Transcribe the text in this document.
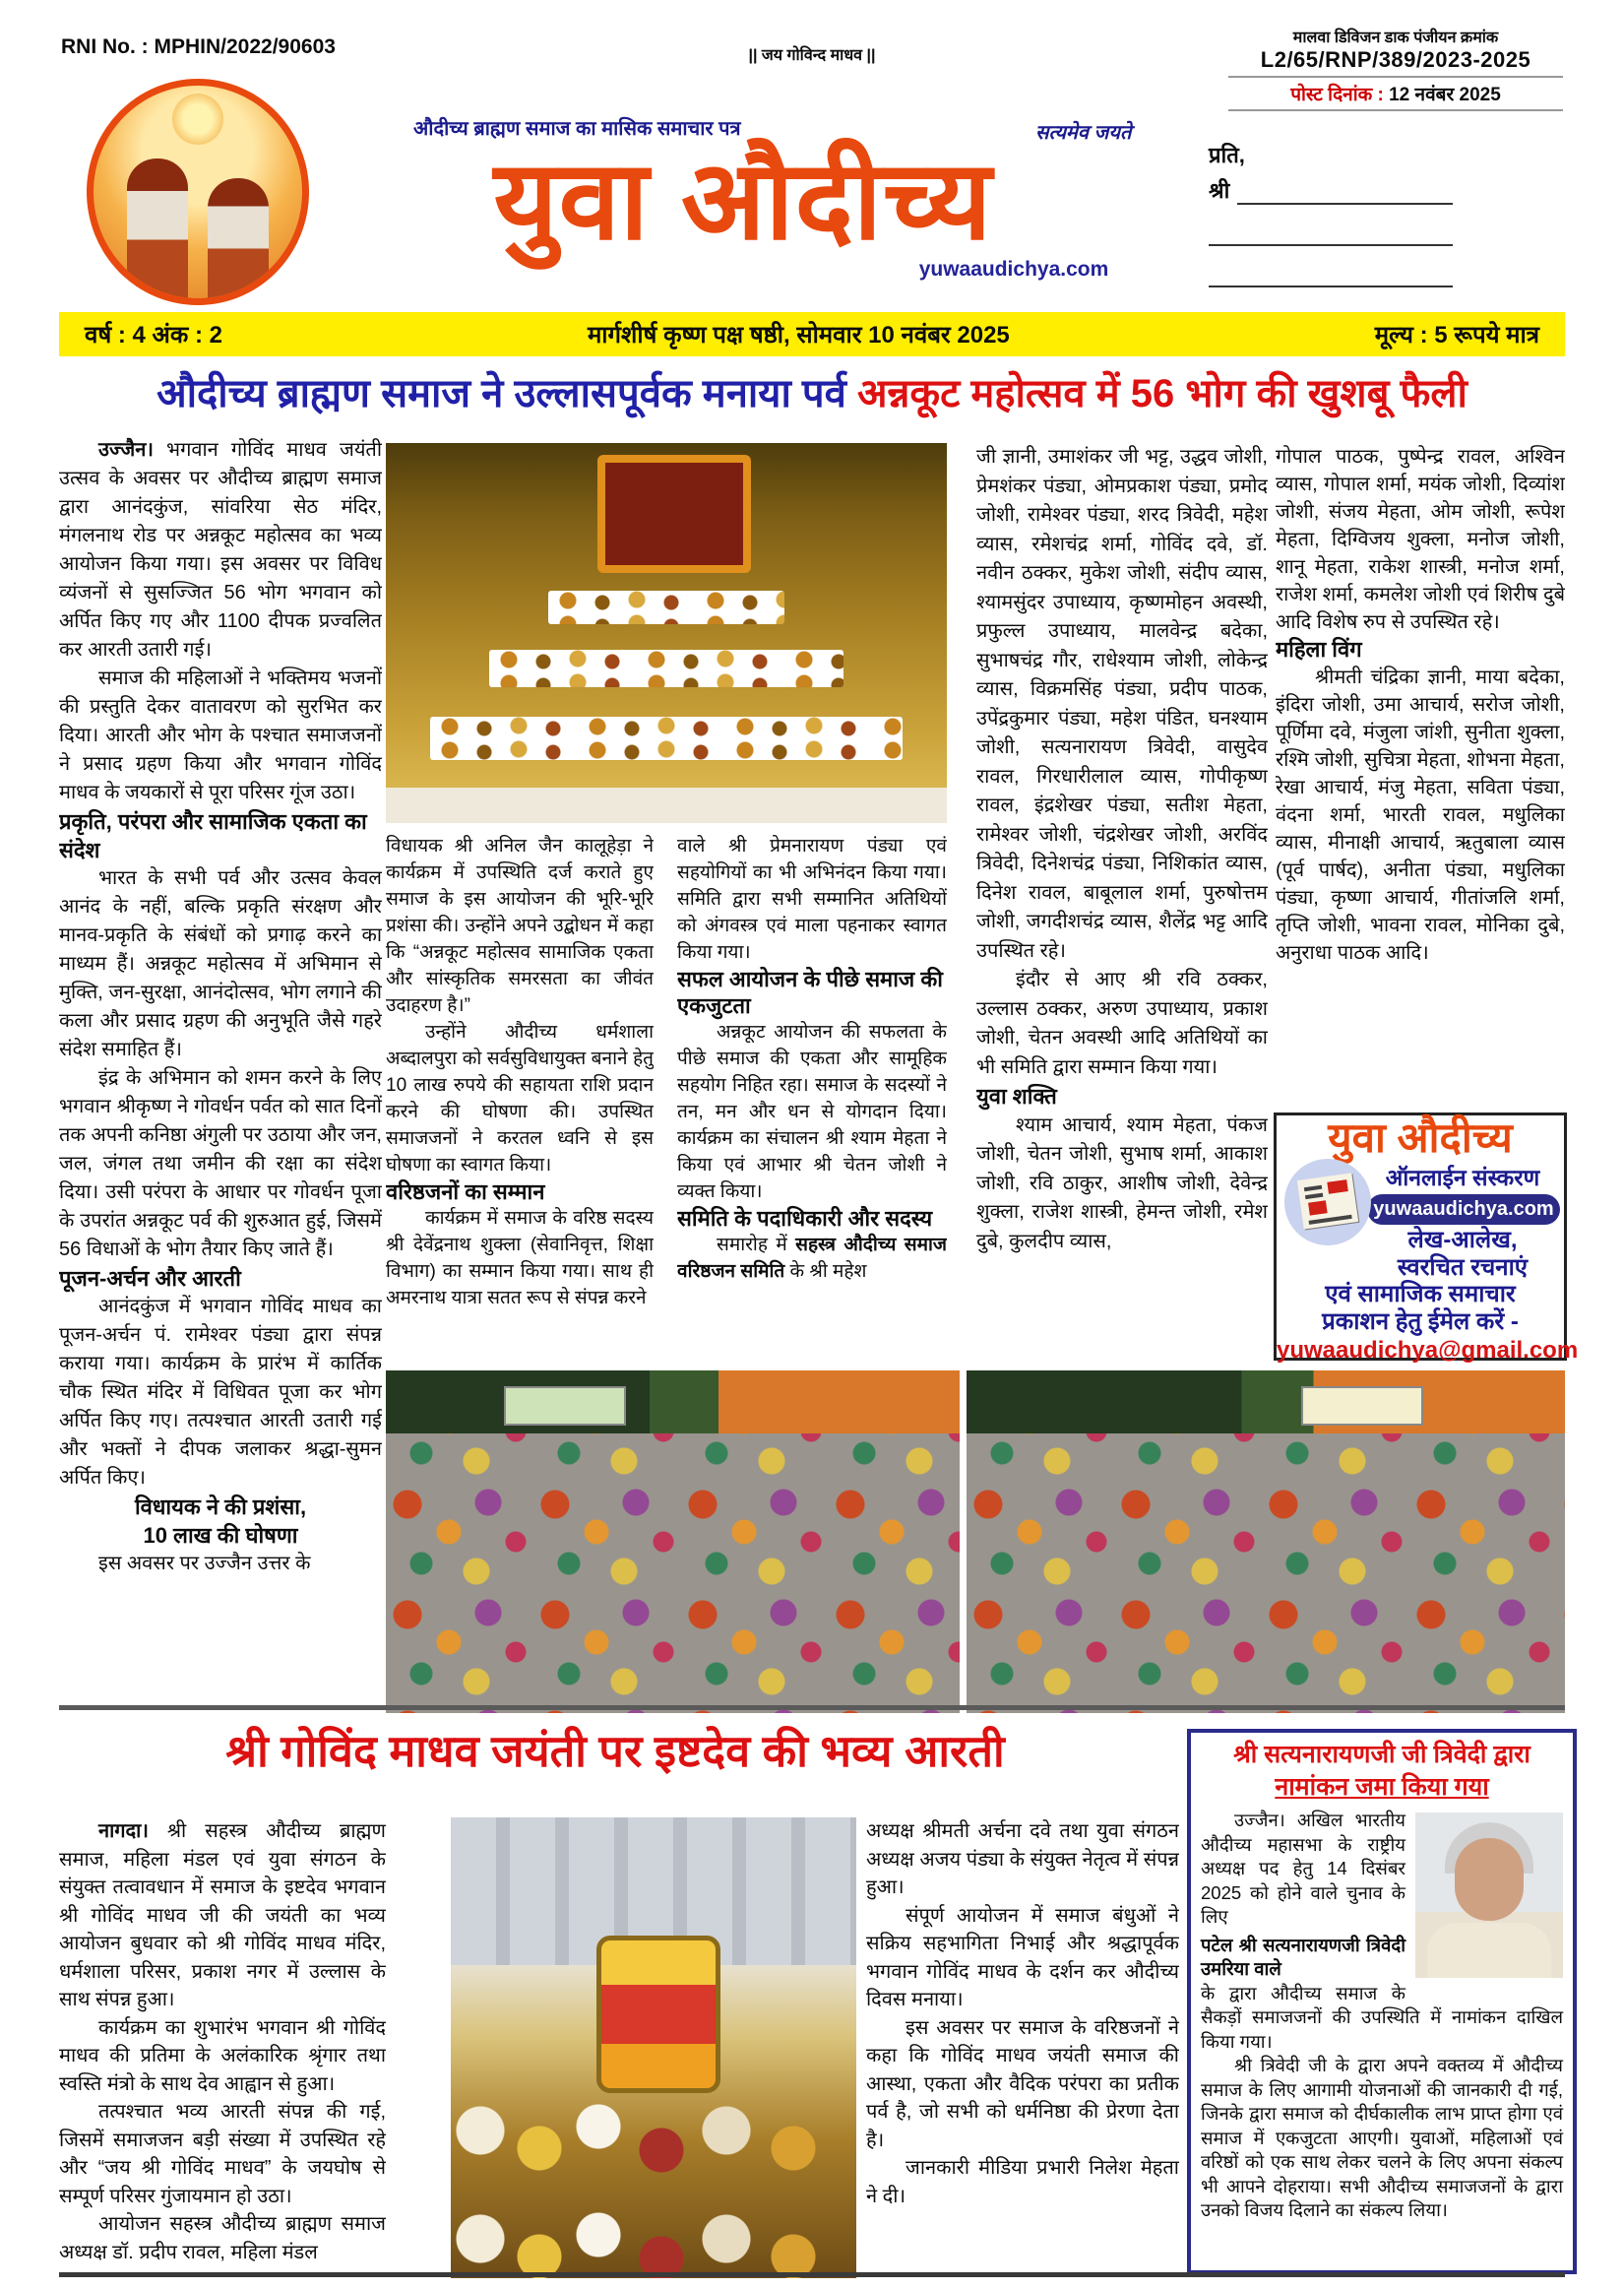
RNI No. : MPHIN/2022/90603	|| जय गोविन्द माधव ||
मालवा डिविजन डाक पंजीयन क्रमांक
L2/65/RNP/389/2023-2025
पोस्ट दिनांक : 12 नवंबर 2025
औदीच्य ब्राह्मण समाज का मासिक समाचार पत्र	सत्यमेव जयते
युवा औदीच्य
yuwaaudichya.com
प्रति,
श्री
वर्ष : 4 अंक : 2	मार्गशीर्ष कृष्ण पक्ष षष्ठी, सोमवार 10 नवंबर 2025	मूल्य : 5 रूपये मात्र
औदीच्य ब्राह्मण समाज ने उल्लासपूर्वक मनाया पर्व अन्नकूट महोत्सव में 56 भोग की खुशबू फैली

उज्जैन। भगवान गोविंद माधव जयंती उत्सव के अवसर पर औदीच्य ब्राह्मण समाज द्वारा आनंदकुंज, सांवरिया सेठ मंदिर, मंगलनाथ रोड पर अन्नकूट महोत्सव का भव्य आयोजन किया गया। इस अवसर पर विविध व्यंजनों से सुसज्जित 56 भोग भगवान को अर्पित किए गए और 1100 दीपक प्रज्वलित कर आरती उतारी गई।

समाज की महिलाओं ने भक्तिमय भजनों की प्रस्तुति देकर वातावरण को सुरभित कर दिया। आरती और भोग के पश्चात समाजजनों ने प्रसाद ग्रहण किया और भगवान गोविंद माधव के जयकारों से पूरा परिसर गूंज उठा।

प्रकृति, परंपरा और सामाजिक एकता का संदेश

भारत के सभी पर्व और उत्सव केवल आनंद के नहीं, बल्कि प्रकृति संरक्षण और मानव-प्रकृति के संबंधों को प्रगाढ़ करने का माध्यम हैं। अन्नकूट महोत्सव में अभिमान से मुक्ति, जन-सुरक्षा, आनंदोत्सव, भोग लगाने की कला और प्रसाद ग्रहण की अनुभूति जैसे गहरे संदेश समाहित हैं।

इंद्र के अभिमान को शमन करने के लिए भगवान श्रीकृष्ण ने गोवर्धन पर्वत को सात दिनों तक अपनी कनिष्ठा अंगुली पर उठाया और जन, जल, जंगल तथा जमीन की रक्षा का संदेश दिया। उसी परंपरा के आधार पर गोवर्धन पूजा के उपरांत अन्नकूट पर्व की शुरुआत हुई, जिसमें 56 विधाओं के भोग तैयार किए जाते हैं।

पूजन-अर्चन और आरती

आनंदकुंज में भगवान गोविंद माधव का पूजन-अर्चन पं. रामेश्वर पंड्या द्वारा संपन्न कराया गया। कार्यक्रम के प्रारंभ में कार्तिक चौक स्थित मंदिर में विधिवत पूजा कर भोग अर्पित किए गए। तत्पश्चात आरती उतारी गई और भक्तों ने दीपक जलाकर श्रद्धा-सुमन अर्पित किए।

विधायक ने की प्रशंसा,
10 लाख की घोषणा

इस अवसर पर उज्जैन उत्तर के

विधायक श्री अनिल जैन कालूहेड़ा ने कार्यक्रम में उपस्थिति दर्ज कराते हुए समाज के इस आयोजन की भूरि-भूरि प्रशंसा की। उन्होंने अपने उद्बोधन में कहा कि “अन्नकूट महोत्सव सामाजिक एकता और सांस्कृतिक समरसता का जीवंत उदाहरण है।”

उन्होंने औदीच्य धर्मशाला अब्दालपुरा को सर्वसुविधायुक्त बनाने हेतु 10 लाख रुपये की सहायता राशि प्रदान करने की घोषणा की। उपस्थित समाजजनों ने करतल ध्वनि से इस घोषणा का स्वागत किया।

वरिष्ठजनों का सम्मान

कार्यक्रम में समाज के वरिष्ठ सदस्य श्री देवेंद्रनाथ शुक्ला (सेवानिवृत्त, शिक्षा विभाग) का सम्मान किया गया। साथ ही अमरनाथ यात्रा सतत रूप से संपन्न करने

वाले श्री प्रेमनारायण पंड्या एवं सहयोगियों का भी अभिनंदन किया गया। समिति द्वारा सभी सम्मानित अतिथियों को अंगवस्त्र एवं माला पहनाकर स्वागत किया गया।

सफल आयोजन के पीछे समाज की एकजुटता

अन्नकूट आयोजन की सफलता के पीछे समाज की एकता और सामूहिक सहयोग निहित रहा। समाज के सदस्यों ने तन, मन और धन से योगदान दिया। कार्यक्रम का संचालन श्री श्याम मेहता ने किया एवं आभार श्री चेतन जोशी ने व्यक्त किया।

समिति के पदाधिकारी और सदस्य

समारोह में सहस्त्र औदीच्य समाज वरिष्ठजन समिति के श्री महेश

जी ज्ञानी, उमाशंकर जी भट्ट, उद्धव जोशी, प्रेमशंकर पंड्या, ओमप्रकाश पंड्या, प्रमोद जोशी, रामेश्वर पंड्या, शरद त्रिवेदी, महेश व्यास, रमेशचंद्र शर्मा, गोविंद दवे, डॉ. नवीन ठक्कर, मुकेश जोशी, संदीप व्यास, श्यामसुंदर उपाध्याय, कृष्णमोहन अवस्थी, प्रफुल्ल उपाध्याय, मालवेन्द्र बदेका, सुभाषचंद्र गौर, राधेश्याम जोशी, लोकेन्द्र व्यास, विक्रमसिंह पंड्या, प्रदीप पाठक, उपेंद्रकुमार पंड्या, महेश पंडित, घनश्याम जोशी, सत्यनारायण त्रिवेदी, वासुदेव रावल, गिरधारीलाल व्यास, गोपीकृष्ण रावल, इंद्रशेखर पंड्या, सतीश मेहता, रामेश्वर जोशी, चंद्रशेखर जोशी, अरविंद त्रिवेदी, दिनेशचंद्र पंड्या, निशिकांत व्यास, दिनेश रावल, बाबूलाल शर्मा, पुरुषोत्तम जोशी, जगदीशचंद्र व्यास, शैलेंद्र भट्ट आदि उपस्थित रहे।

इंदौर से आए श्री रवि ठक्कर, उल्लास ठक्कर, अरुण उपाध्याय, प्रकाश जोशी, चेतन अवस्थी आदि अतिथियों का भी समिति द्वारा सम्मान किया गया।

युवा शक्ति

श्याम आचार्य, श्याम मेहता, पंकज जोशी, चेतन जोशी, सुभाष शर्मा, आकाश जोशी, रवि ठाकुर, आशीष जोशी, देवेन्द्र शुक्ला, राजेश शास्त्री, हेमन्त जोशी, रमेश दुबे, कुलदीप व्यास,

गोपाल पाठक, पुष्पेन्द्र रावल, अश्विन व्यास, गोपाल शर्मा, मयंक जोशी, दिव्यांश जोशी, संजय मेहता, ओम जोशी, रूपेश मेहता, दिग्विजय शुक्ला, मनोज जोशी, शानू मेहता, राकेश शास्त्री, मनोज शर्मा, राजेश शर्मा, कमलेश जोशी एवं शिरीष दुबे आदि विशेष रुप से उपस्थित रहे।

महिला विंग

श्रीमती चंद्रिका ज्ञानी, माया बदेका, इंदिरा जोशी, उमा आचार्य, सरोज जोशी, पूर्णिमा दवे, मंजुला जांशी, सुनीता शुक्ला, रश्मि जोशी, सुचित्रा मेहता, शोभना मेहता, रेखा आचार्य, मंजु मेहता, सविता पंड्या, वंदना शर्मा, भारती रावल, मधुलिका व्यास, मीनाक्षी आचार्य, ऋतुबाला व्यास (पूर्व पार्षद), अनीता पंड्या, मधुलिका पंड्या, कृष्णा आचार्य, गीतांजलि शर्मा, तृप्ति जोशी, भावना रावल, मोनिका दुबे, अनुराधा पाठक आदि।

युवा औदीच्य
ऑनलाईन संस्करण
yuwaaudichya.com
लेख-आलेख,
स्वरचित रचनाएं
एवं सामाजिक समाचार
प्रकाशन हेतु ईमेल करें -
yuwaaudichya@gmail.com
श्री गोविंद माधव जयंती पर इष्टदेव की भव्य आरती

नागदा। श्री सहस्त्र औदीच्य ब्राह्मण समाज, महिला मंडल एवं युवा संगठन के संयुक्त तत्वावधान में समाज के इष्टदेव भगवान श्री गोविंद माधव जी की जयंती का भव्य आयोजन बुधवार को श्री गोविंद माधव मंदिर, धर्मशाला परिसर, प्रकाश नगर में उल्लास के साथ संपन्न हुआ।

कार्यक्रम का शुभारंभ भगवान श्री गोविंद माधव की प्रतिमा के अलंकारिक श्रृंगार तथा स्वस्ति मंत्रो के साथ देव आह्वान से हुआ।

तत्पश्चात भव्य आरती संपन्न की गई, जिसमें समाजजन बड़ी संख्या में उपस्थित रहे और “जय श्री गोविंद माधव” के जयघोष से सम्पूर्ण परिसर गुंजायमान हो उठा।

आयोजन सहस्त्र औदीच्य ब्राह्मण समाज अध्यक्ष डॉ. प्रदीप रावल, महिला मंडल

अध्यक्ष श्रीमती अर्चना दवे तथा युवा संगठन अध्यक्ष अजय पंड्या के संयुक्त नेतृत्व में संपन्न हुआ।

संपूर्ण आयोजन में समाज बंधुओं ने सक्रिय सहभागिता निभाई और श्रद्धापूर्वक भगवान गोविंद माधव के दर्शन कर औदीच्य दिवस मनाया।

इस अवसर पर समाज के वरिष्ठजनों ने कहा कि गोविंद माधव जयंती समाज की आस्था, एकता और वैदिक परंपरा का प्रतीक पर्व है, जो सभी को धर्मनिष्ठा की प्रेरणा देता है।

जानकारी मीडिया प्रभारी निलेश मेहता ने दी।

श्री सत्यनारायणजी जी त्रिवेदी द्वारा
नामांकन जमा किया गया

उज्जैन। अखिल भारतीय औदीच्य महासभा के राष्ट्रीय अध्यक्ष पद हेतु 14 दिसंबर 2025 को होने वाले चुनाव के लिए

पटेल श्री सत्यनारायणजी त्रिवेदी उमरिया वाले

के द्वारा औदीच्य समाज के सैकड़ों समाजजनों की उपस्थिति में नामांकन दाखिल किया गया।

श्री त्रिवेदी जी के द्वारा अपने वक्तव्य में औदीच्य समाज के लिए आगामी योजनाओं की जानकारी दी गई, जिनके द्वारा समाज को दीर्घकालीक लाभ प्राप्त होगा एवं समाज में एकजुटता आएगी। युवाओं, महिलाओं एवं वरिष्ठों को एक साथ लेकर चलने के लिए अपना संकल्प भी आपने दोहराया। सभी औदीच्य समाजजनों के द्वारा उनको विजय दिलाने का संकल्प लिया।
